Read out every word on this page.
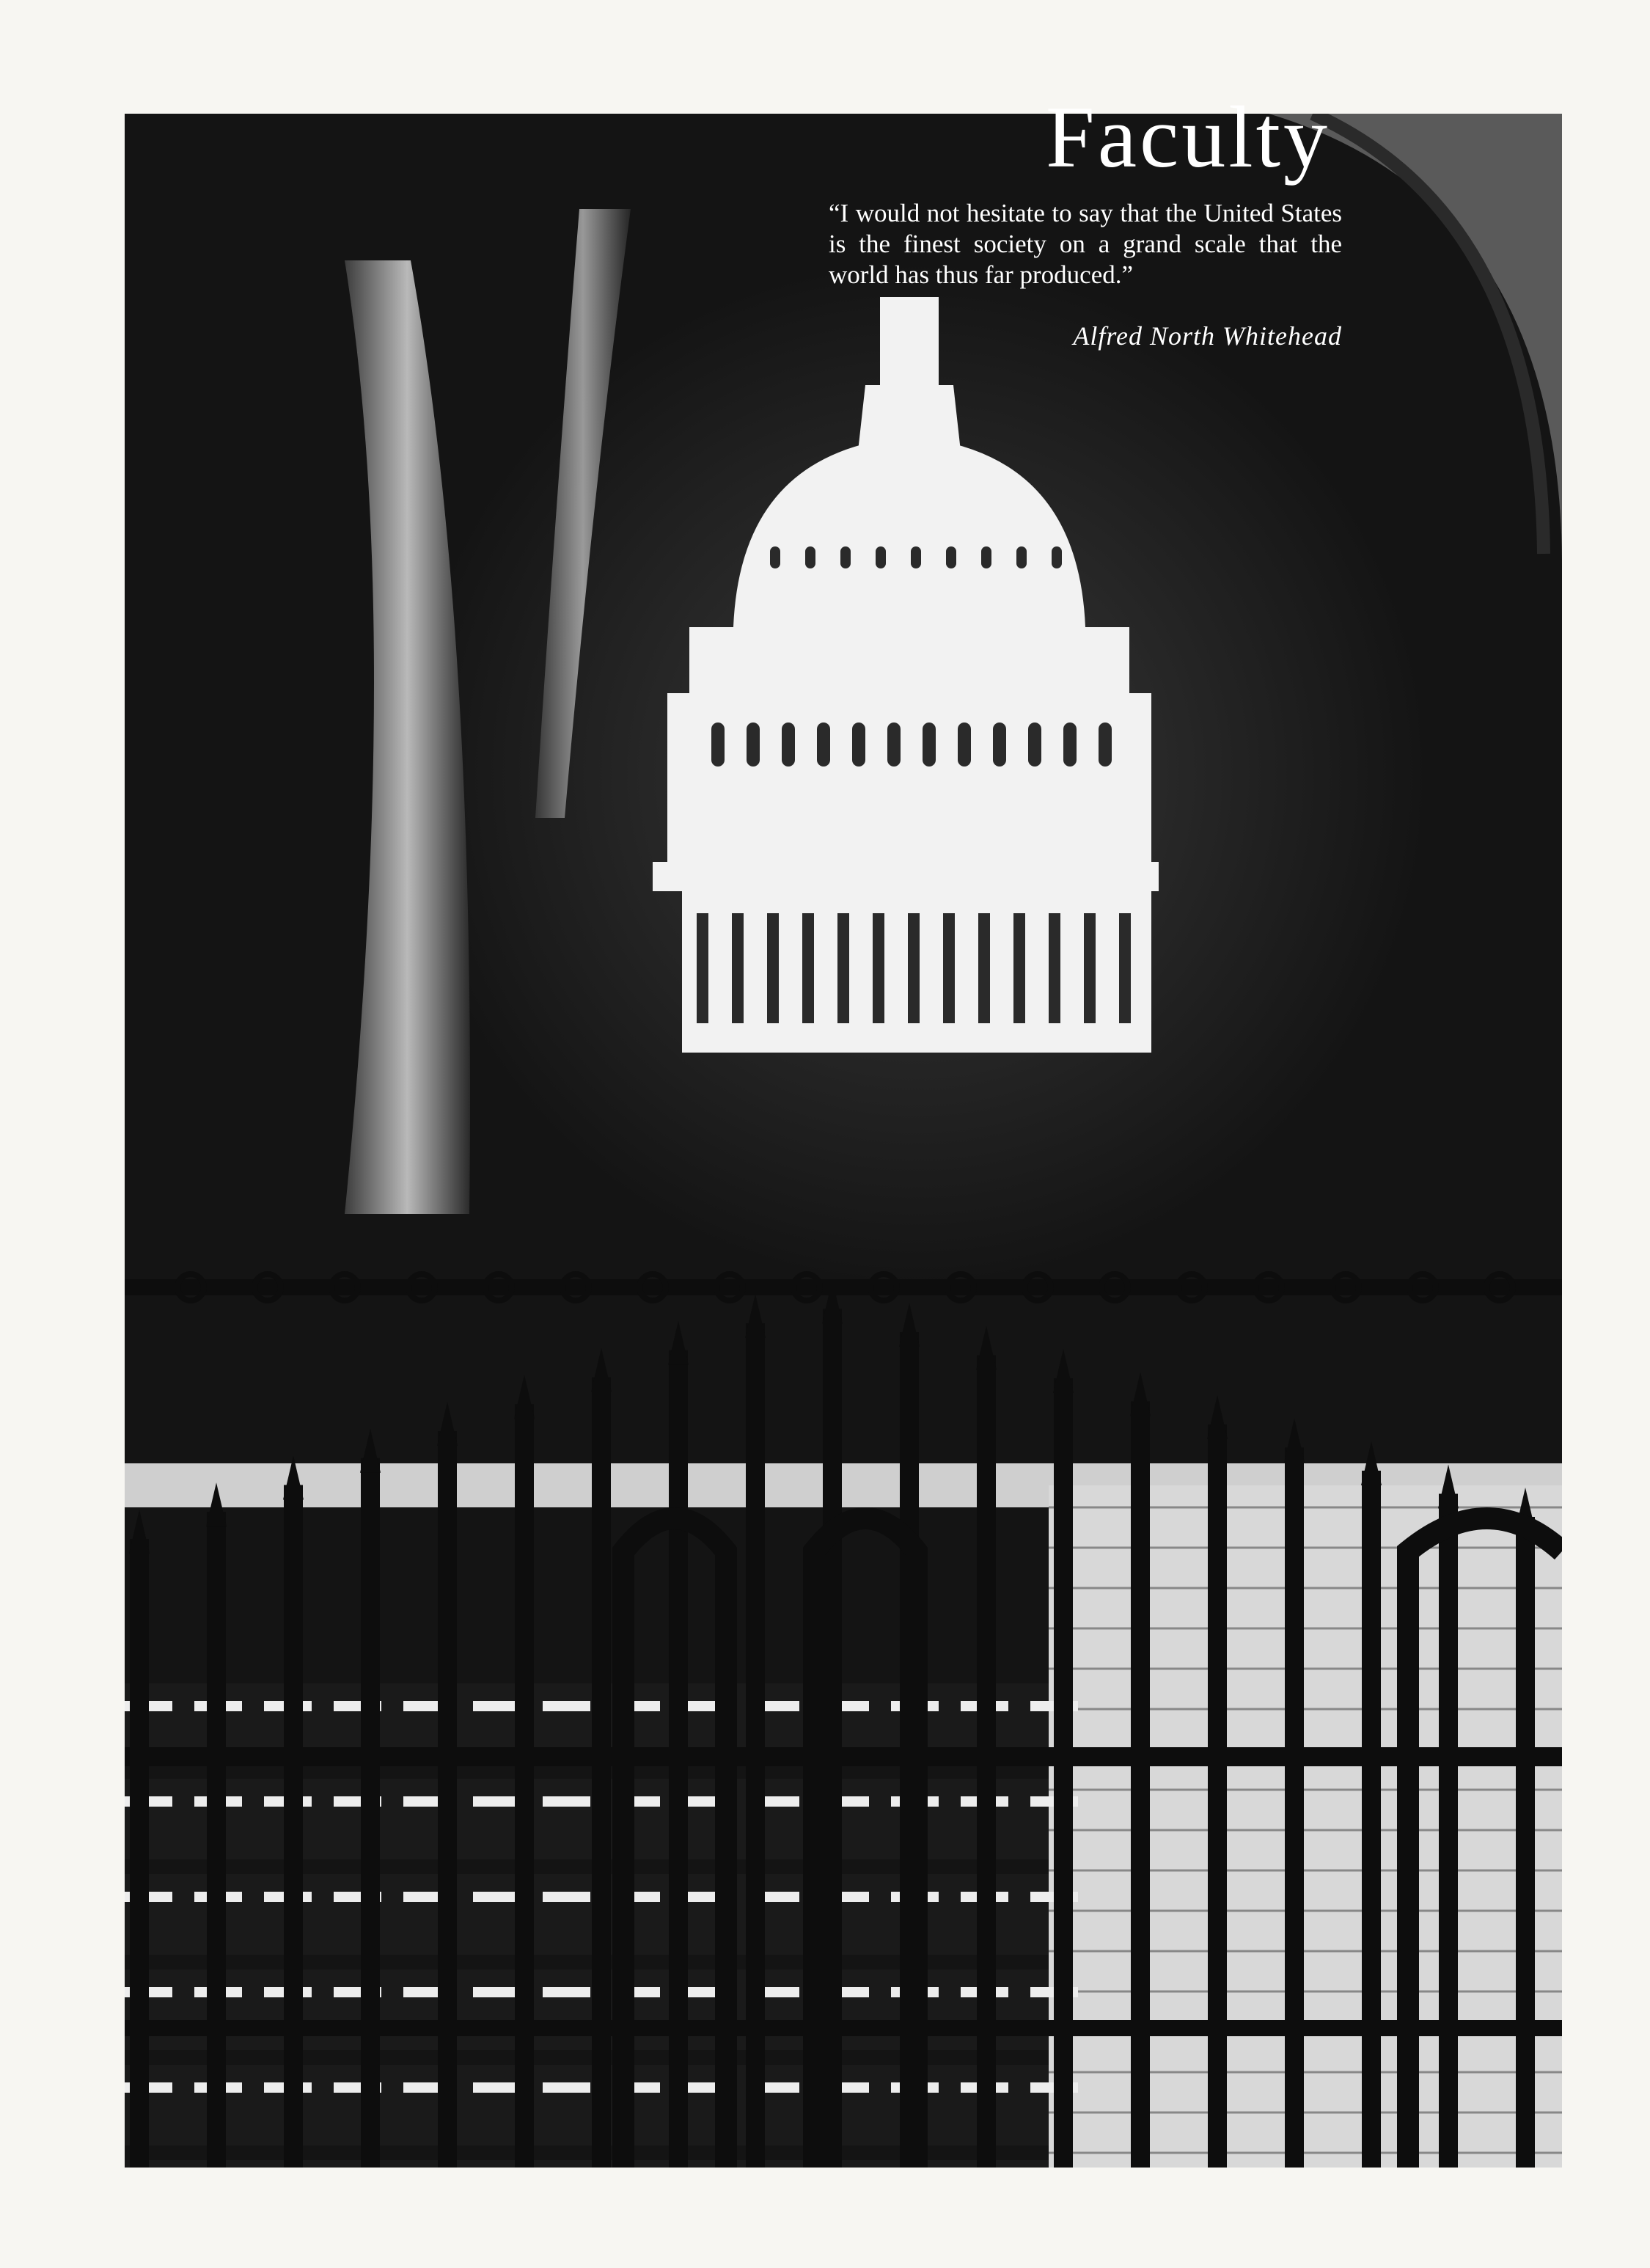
Faculty

“I would not hesitate to say that the United States is the finest society on a grand scale that the world has thus far produced.”

Alfred North Whitehead
